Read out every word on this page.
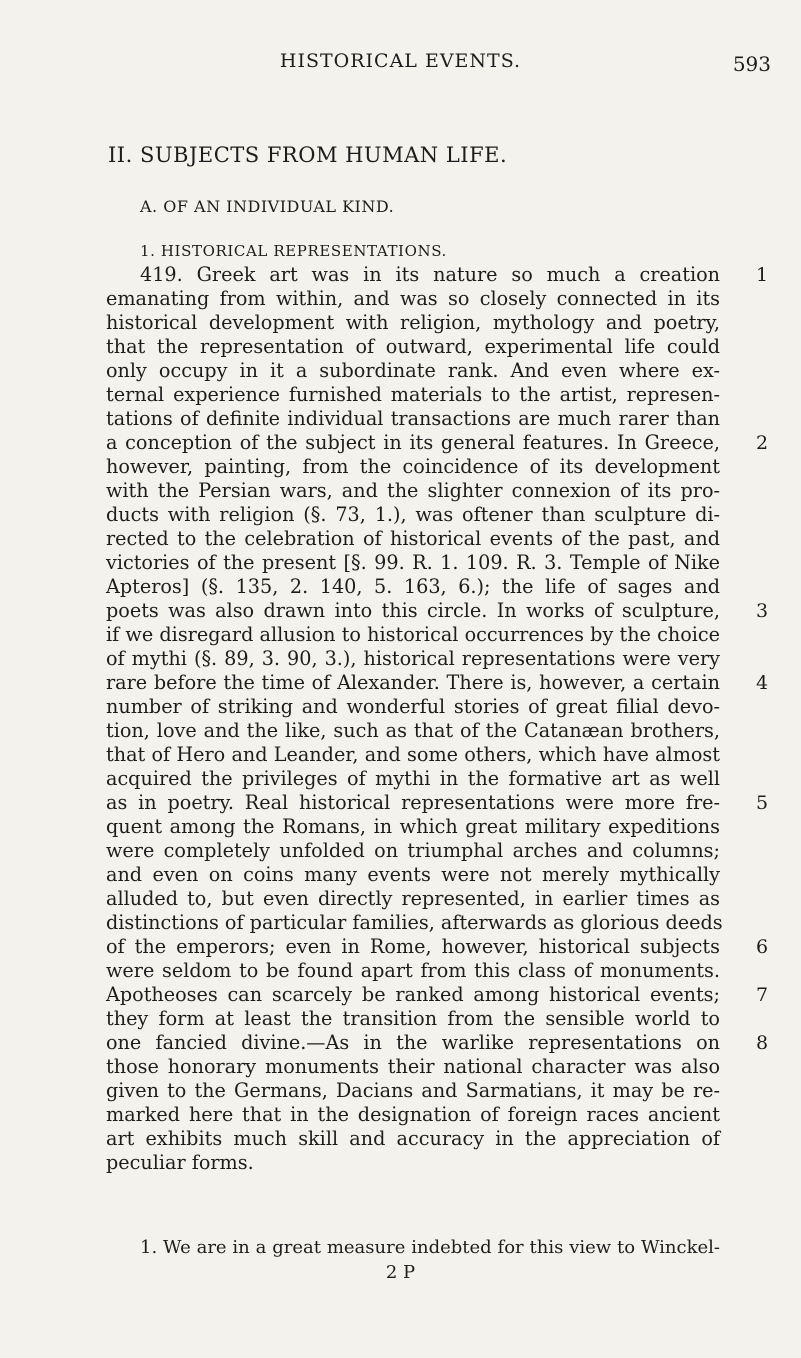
HISTORICAL EVENTS.	593
II. SUBJECTS FROM HUMAN LIFE.
A. OF AN INDIVIDUAL KIND.
1. HISTORICAL REPRESENTATIONS.
419. Greek art was in its nature so much a creation
emanating from within, and was so closely connected in its
historical development with religion, mythology and poetry,
that the representation of outward, experimental life could
only occupy in it a subordinate rank. And even where ex-
ternal experience furnished materials to the artist, represen-
tations of definite individual transactions are much rarer than
a conception of the subject in its general features. In Greece,
however, painting, from the coincidence of its development
with the Persian wars, and the slighter connexion of its pro-
ducts with religion (§. 73, 1.), was oftener than sculpture di-
rected to the celebration of historical events of the past, and
victories of the present [§. 99. R. 1. 109. R. 3. Temple of Nike
Apteros] (§. 135, 2. 140, 5. 163, 6.); the life of sages and
poets was also drawn into this circle. In works of sculpture,
if we disregard allusion to historical occurrences by the choice
of mythi (§. 89, 3. 90, 3.), historical representations were very
rare before the time of Alexander. There is, however, a certain
number of striking and wonderful stories of great filial devo-
tion, love and the like, such as that of the Catanæan brothers,
that of Hero and Leander, and some others, which have almost
acquired the privileges of mythi in the formative art as well
as in poetry. Real historical representations were more fre-
quent among the Romans, in which great military expeditions
were completely unfolded on triumphal arches and columns;
and even on coins many events were not merely mythically
alluded to, but even directly represented, in earlier times as
distinctions of particular families, afterwards as glorious deeds
of the emperors; even in Rome, however, historical subjects
were seldom to be found apart from this class of monuments.
Apotheoses can scarcely be ranked among historical events;
they form at least the transition from the sensible world to
one fancied divine.—As in the warlike representations on
those honorary monuments their national character was also
given to the Germans, Dacians and Sarmatians, it may be re-
marked here that in the designation of foreign races ancient
art exhibits much skill and accuracy in the appreciation of
peculiar forms.
1
2
3
4
5
6
7
8
1. We are in a great measure indebted for this view to Winckel-
2 P
